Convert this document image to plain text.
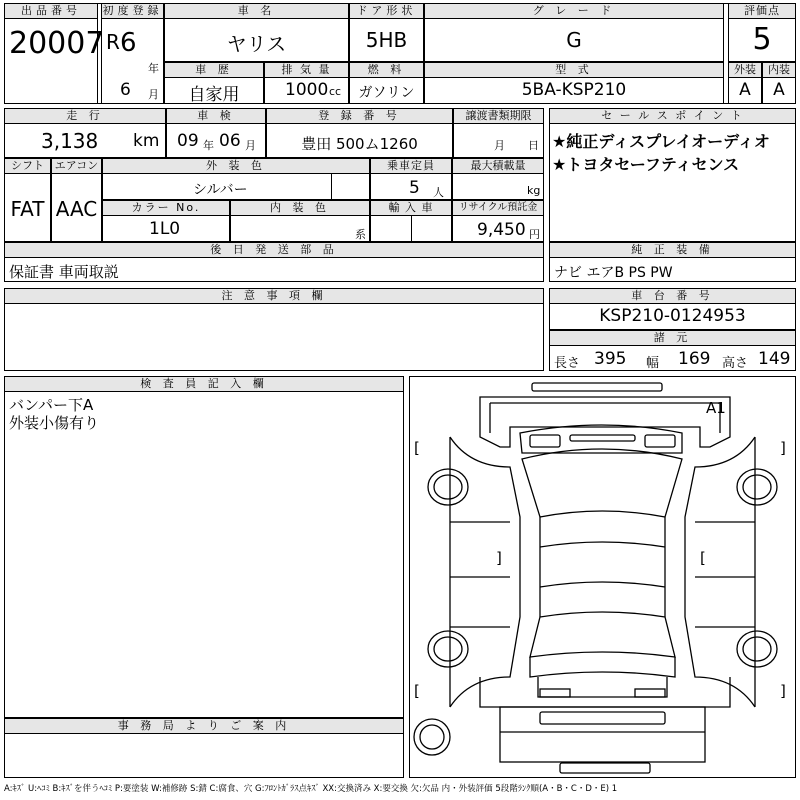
出品番号
20007
初度登録
R 6
年
6 月
車 名
ヤリス
ドア形状
5HB
グ レ ー ド
G
評価点
5
車 歴
自家用
排 気 量
1000 cc
燃 料
ガソリン
型 式
5BA-KSP210
外装
A
内装
A
走 行
3,138 km
車 検
09 年 06 月
登 録 番 号
豊田 500ム1260
譲渡書類期限
月 日
シフト
FAT
エアコン
AAC
外 装 色
シルバー
乗車定員
5 人
最大積載量
kg
カラー No.
1L0
内 装 色
系
輸 入 車	リサイクル預託金
9,450 円
セ ー ル ス ポ イ ン ト
★純正ディスプレイオーディオ
★トヨタセーフティセンス
後 日 発 送 部 品
保証書 車両取説
純 正 装 備
ナビ エアB PS PW
注 意 事 項 欄	車 台 番 号
KSP210-0124953
諸 元
長さ 395 幅 169 高さ 149
検 査 員 記 入 欄
バンパー下A
外装小傷有り
事 務 局 よ り ご 案 内
A1
[	]
[	]
]	[
A:ｷｽﾞ U:ﾍｺﾐ B:ｷｽﾞを伴うﾍｺﾐ P:要塗装 W:補修跡 S:錆 C:腐食、穴 G:ﾌﾛﾝﾄｶﾞﾗｽ点ｷｽﾞ XX:交換済み X:要交換 欠:欠品 内・外装評価 5段階ﾗﾝｸ順(A・B・C・D・E) 1
